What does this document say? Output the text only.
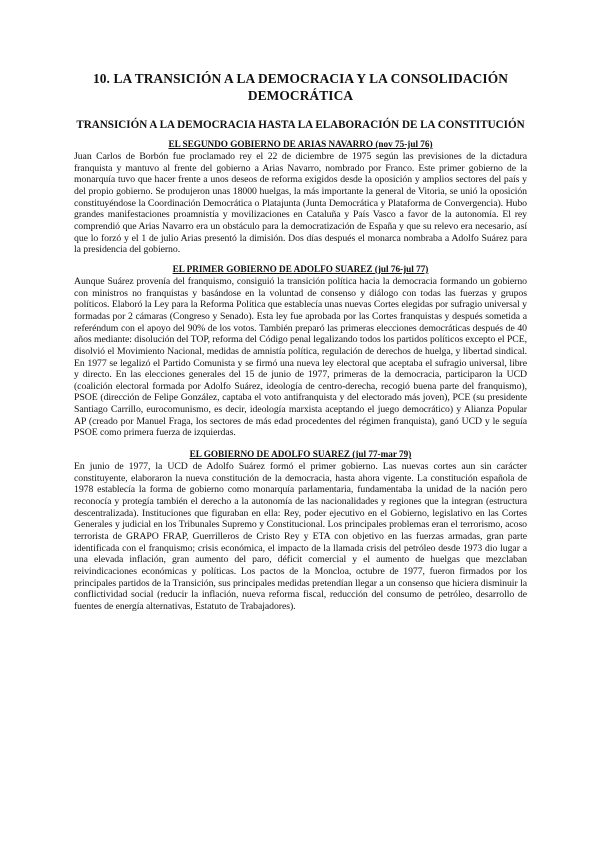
10. LA TRANSICIÓN A LA DEMOCRACIA Y LA CONSOLIDACIÓN
DEMOCRÁTICA
TRANSICIÓN A LA DEMOCRACIA HASTA LA ELABORACIÓN DE LA CONSTITUCIÓN
EL SEGUNDO GOBIERNO DE ARIAS NAVARRO (nov 75-jul 76)

Juan Carlos de Borbón fue proclamado rey el 22 de diciembre de 1975 según las previsiones de la dictadura franquista y mantuvo al frente del gobierno a Arias Navarro, nombrado por Franco. Este primer gobierno de la monarquía tuvo que hacer frente a unos deseos de reforma exigidos desde la oposición y amplios sectores del país y del propio gobierno. Se produjeron unas 18000 huelgas, la más importante la general de Vitoria, se unió la oposición constituyéndose la Coordinación Democrática o Platajunta (Junta Democrática y Plataforma de Convergencia). Hubo grandes manifestaciones proamnistía y movilizaciones en Cataluña y País Vasco a favor de la autonomía. El rey comprendió que Arias Navarro era un obstáculo para la democratización de España y que su relevo era necesario, así que lo forzó y el 1 de julio Arias presentó la dimisión. Dos días después el monarca nombraba a Adolfo Suárez para la presidencia del gobierno.

EL PRIMER GOBIERNO DE ADOLFO SUAREZ (jul 76-jul 77)

Aunque Suárez provenía del franquismo, consiguió la transición política hacia la democracia formando un gobierno con ministros no franquistas y basándose en la voluntad de consenso y diálogo con todas las fuerzas y grupos políticos. Elaboró la Ley para la Reforma Política que establecía unas nuevas Cortes elegidas por sufragio universal y formadas por 2 cámaras (Congreso y Senado). Esta ley fue aprobada por las Cortes franquistas y después sometida a referéndum con el apoyo del 90% de los votos. También preparó las primeras elecciones democráticas después de 40 años mediante: disolución del TOP, reforma del Código penal legalizando todos los partidos políticos excepto el PCE, disolvió el Movimiento Nacional, medidas de amnistía política, regulación de derechos de huelga, y libertad sindical. En 1977 se legalizó el Partido Comunista y se firmó una nueva ley electoral que aceptaba el sufragio universal, libre y directo. En las elecciones generales del 15 de junio de 1977, primeras de la democracia, participaron la UCD (coalición electoral formada por Adolfo Suárez, ideología de centro-derecha, recogió buena parte del franquismo), PSOE (dirección de Felipe González, captaba el voto antifranquista y del electorado más joven), PCE (su presidente Santiago Carrillo, eurocomunismo, es decir, ideología marxista aceptando el juego democrático) y Alianza Popular AP (creado por Manuel Fraga, los sectores de más edad procedentes del régimen franquista), ganó UCD y le seguía PSOE como primera fuerza de izquierdas.

EL GOBIERNO DE ADOLFO SUAREZ (jul 77-mar 79)

En junio de 1977, la UCD de Adolfo Suárez formó el primer gobierno. Las nuevas cortes aun sin carácter constituyente, elaboraron la nueva constitución de la democracia, hasta ahora vigente. La constitución española de 1978 establecía la forma de gobierno como monarquía parlamentaria, fundamentaba la unidad de la nación pero reconocía y protegía también el derecho a la autonomía de las nacionalidades y regiones que la integran (estructura descentralizada). Instituciones que figuraban en ella: Rey, poder ejecutivo en el Gobierno, legislativo en las Cortes Generales y judicial en los Tribunales Supremo y Constitucional. Los principales problemas eran el terrorismo, acoso terrorista de GRAPO FRAP, Guerrilleros de Cristo Rey y ETA con objetivo en las fuerzas armadas, gran parte identificada con el franquismo; crisis económica, el impacto de la llamada crisis del petróleo desde 1973 dio lugar a una elevada inflación, gran aumento del paro, déficit comercial y el aumento de huelgas que mezclaban reivindicaciones económicas y políticas. Los pactos de la Moncloa, octubre de 1977, fueron firmados por los principales partidos de la Transición, sus principales medidas pretendían llegar a un consenso que hiciera disminuir la conflictividad social (reducir la inflación, nueva reforma fiscal, reducción del consumo de petróleo, desarrollo de fuentes de energía alternativas, Estatuto de Trabajadores).
